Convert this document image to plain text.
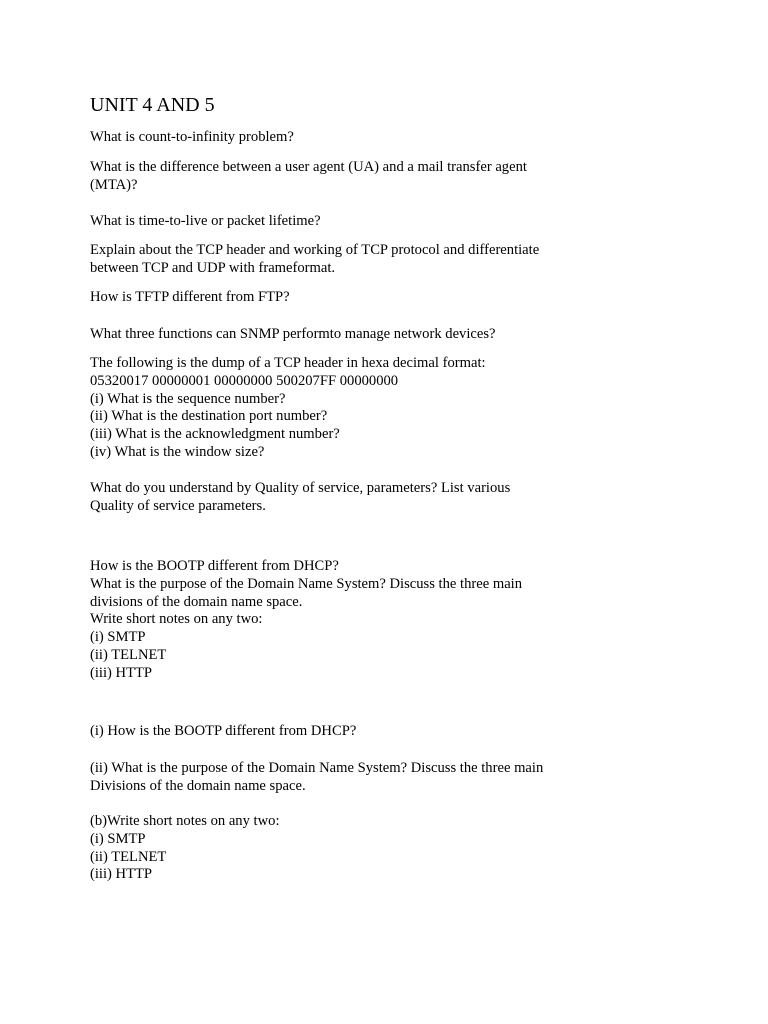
UNIT 4 AND 5
What is count-to-infinity problem?
What is the difference between a user agent (UA) and a mail transfer agent
(MTA)?
What is time-to-live or packet lifetime?
Explain about the TCP header and working of TCP protocol and differentiate
between TCP and UDP with frameformat.
How is TFTP different from FTP?
What three functions can SNMP performto manage network devices?
The following is the dump of a TCP header in hexa decimal format:
05320017 00000001 00000000 500207FF 00000000
(i) What is the sequence number?
(ii) What is the destination port number?
(iii) What is the acknowledgment number?
(iv) What is the window size?
What do you understand by Quality of service, parameters? List various
Quality of service parameters.
How is the BOOTP different from DHCP?
What is the purpose of the Domain Name System? Discuss the three main
divisions of the domain name space.
Write short notes on any two:
(i) SMTP
(ii) TELNET
(iii) HTTP
(i) How is the BOOTP different from DHCP?
(ii) What is the purpose of the Domain Name System? Discuss the three main
Divisions of the domain name space.
(b)Write short notes on any two:
(i) SMTP
(ii) TELNET
(iii) HTTP
